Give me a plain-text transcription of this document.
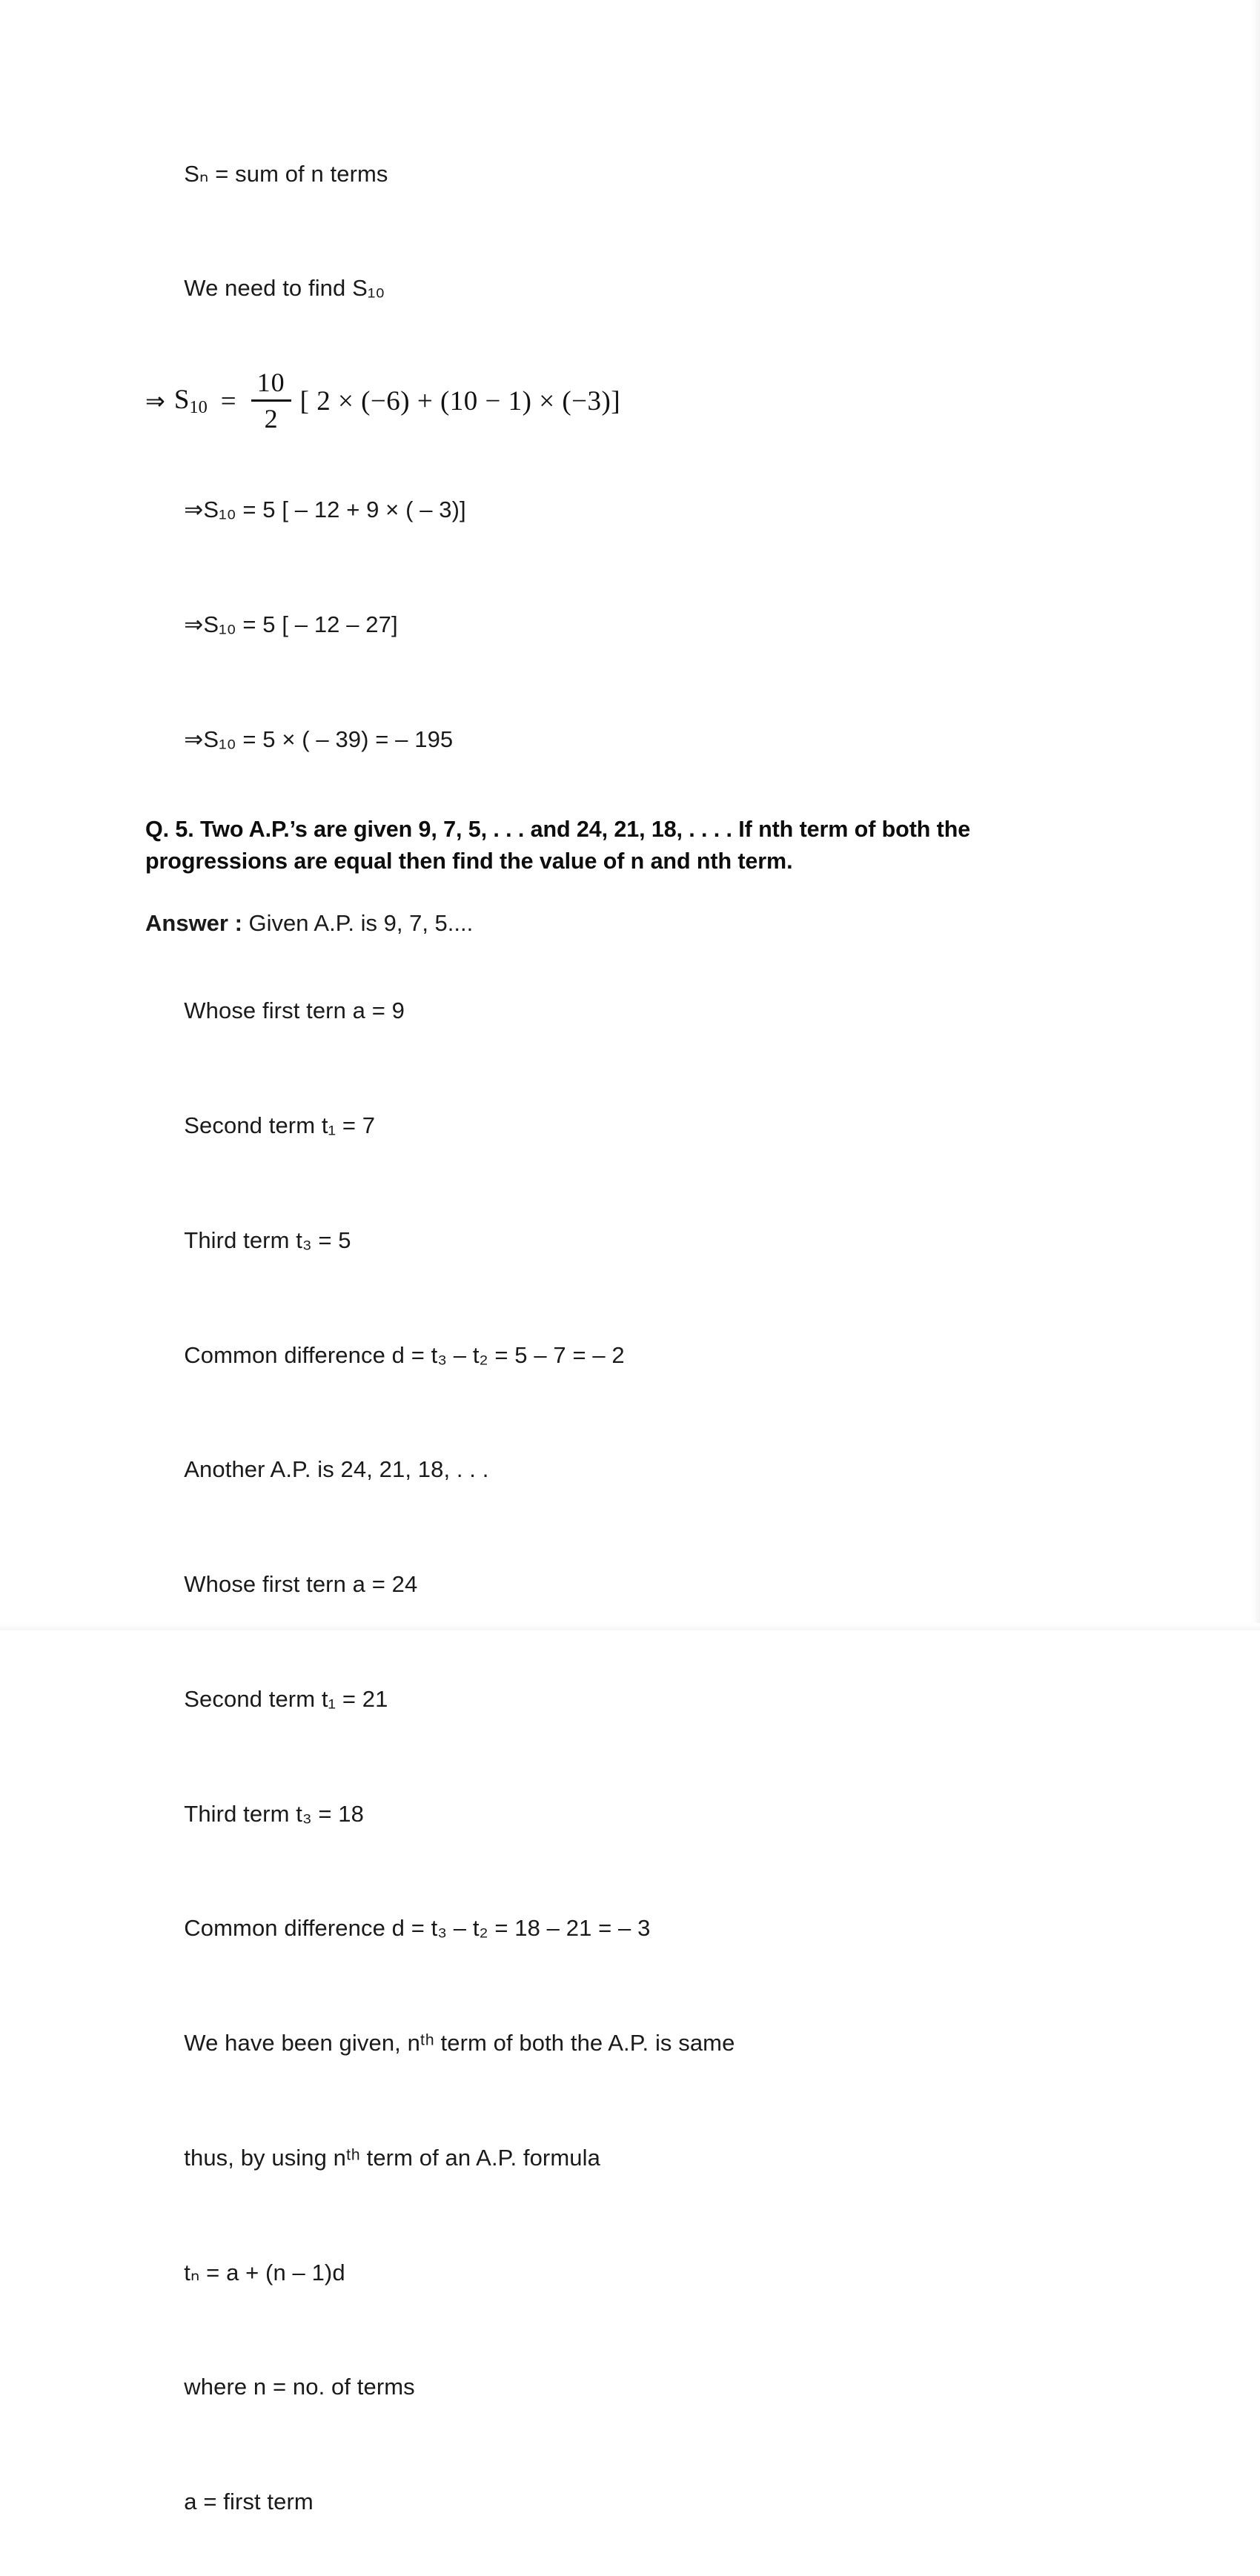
Sₙ = sum of n terms

We need to find S₁₀

⇒ $S_{10} = \frac{10}{2}$ [ 2 × (−6) + (10 − 1) × (−3)]

⇒S₁₀ = 5 [ – 12 + 9 × ( – 3)]

⇒S₁₀ = 5 [ – 12 – 27]

⇒S₁₀ = 5 × ( – 39) = – 195

Q. 5. Two A.P.’s are given 9, 7, 5, . . . and 24, 21, 18, . . . . If nth term of both the progressions are equal then find the value of n and nth term.

Answer : Given A.P. is 9, 7, 5....

Whose first tern a = 9

Second term t₁ = 7

Third term t₃ = 5

Common difference d = t₃ – t₂ = 5 – 7 = – 2

Another A.P. is 24, 21, 18, . . .

Whose first tern a = 24

Second term t₁ = 21

Third term t₃ = 18

Common difference d = t₃ – t₂ = 18 – 21 = – 3

We have been given, nᵗʰ term of both the A.P. is same

thus, by using nᵗʰ term of an A.P. formula

tₙ = a + (n – 1)d

where n = no. of terms

a = first term
